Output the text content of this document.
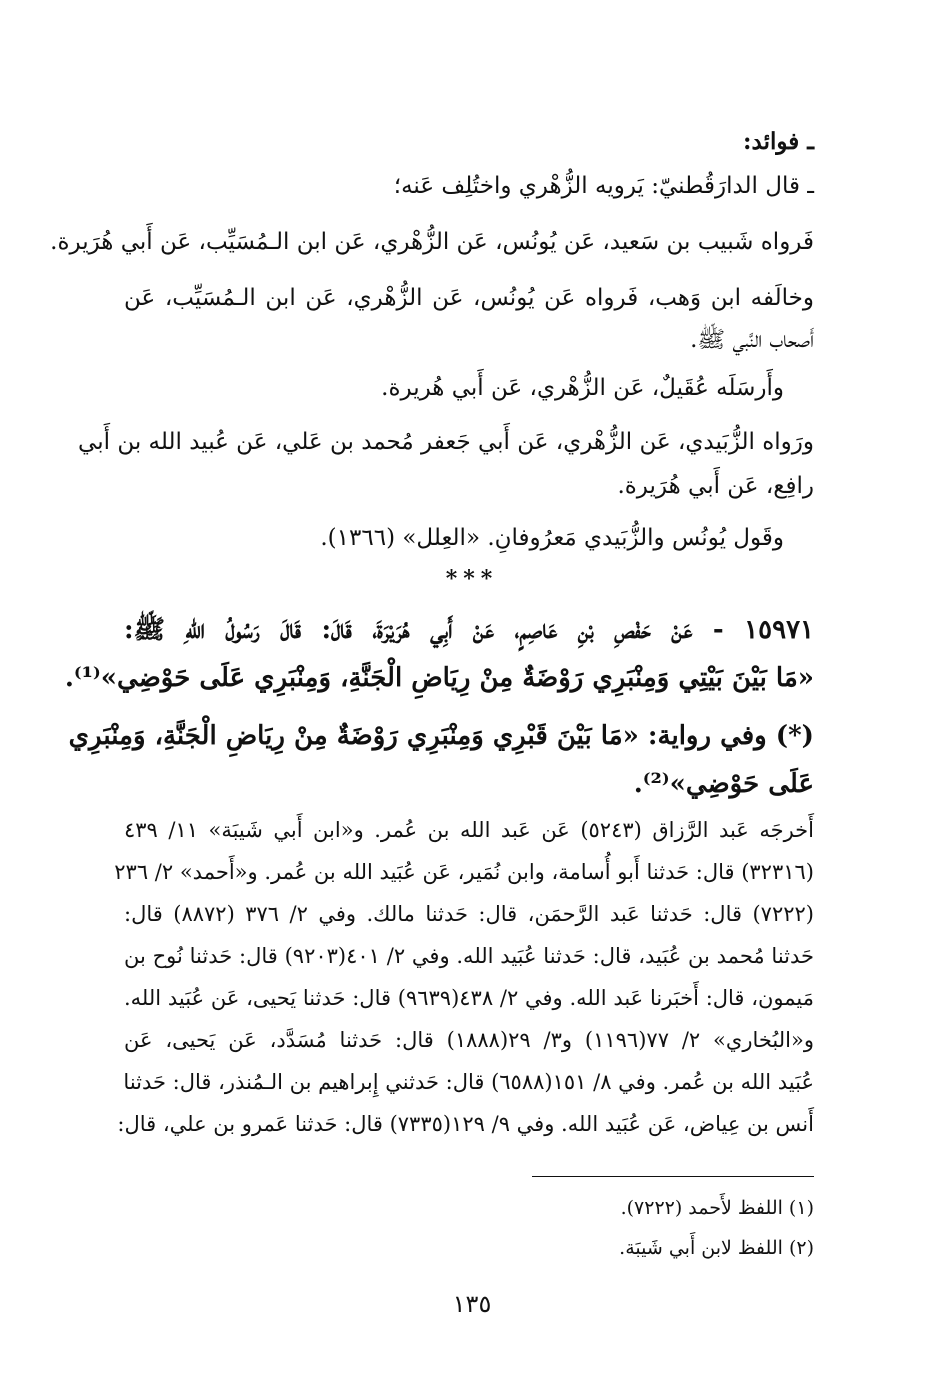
ـ فوائد:
ـ قال الدارَقُطنيّ: يَرويه الزُّهْري واختُلِف عَنه؛
فَرواه شَبيب بن سَعيد، عَن يُونُس، عَن الزُّهْري، عَن ابن الـمُسَيِّب، عَن أَبي هُرَيرة.
وخالَفه ابن وَهب، فَرواه عَن يُونُس، عَن الزُّهْري، عَن ابن الـمُسَيِّب، عَن
أَصحاب النَّبي ﷺ.
وأَرسَلَه عُقَيلٌ، عَن الزُّهْري، عَن أَبي هُريرة.
ورَواه الزُّبَيدي، عَن الزُّهْري، عَن أَبي جَعفر مُحمد بن عَلي، عَن عُبيد الله بن أَبي
رافِع، عَن أَبي هُرَيرة.
وقَول يُونُس والزُّبَيدي مَعرُوفانِ. «العِلل» (١٣٦٦).
***
١٥٩٧١ - عَنْ حَفْصِ بْنِ عَاصِمٍ، عَنْ أَبِي هُرَيْرَةَ، قَالَ: قَالَ رَسُولُ اللهِ ﷺ:
«مَا بَيْنَ بَيْتِي وَمِنْبَرِي رَوْضَةٌ مِنْ رِيَاضِ الْجَنَّةِ، وَمِنْبَرِي عَلَى حَوْضِي»⁽¹⁾.
(*) وفي رواية: «مَا بَيْنَ قَبْرِي وَمِنْبَرِي رَوْضَةٌ مِنْ رِيَاضِ الْجَنَّةِ، وَمِنْبَرِي
عَلَى حَوْضِي»⁽²⁾.
أَخرجَه عَبد الرَّزاق (٥٢٤٣) عَن عَبد الله بن عُمر. و«ابن أَبي شَيبَة» ١١/ ٤٣٩
(٣٢٣١٦) قال: حَدثنا أَبو أُسامة، وابن نُمَير، عَن عُبَيد الله بن عُمر. و«أَحمد» ٢/ ٢٣٦
(٧٢٢٢) قال: حَدثنا عَبد الرَّحمَن، قال: حَدثنا مالك. وفي ٢/ ٣٧٦ (٨٨٧٢) قال:
حَدثنا مُحمد بن عُبَيد، قال: حَدثنا عُبَيد الله. وفي ٢/ ٤٠١(٩٢٠٣) قال: حَدثنا نُوح بن
مَيمون، قال: أَخبَرنا عَبد الله. وفي ٢/ ٤٣٨(٩٦٣٩) قال: حَدثنا يَحيى، عَن عُبَيد الله.
و«البُخاري» ٢/ ٧٧(١١٩٦) و٣/ ٢٩(١٨٨٨) قال: حَدثنا مُسَدَّد، عَن يَحيى، عَن
عُبَيد الله بن عُمر. وفي ٨/ ١٥١(٦٥٨٨) قال: حَدثني إِبراهيم بن الـمُنذر، قال: حَدثنا
أَنس بن عِياض، عَن عُبَيد الله. وفي ٩/ ١٢٩(٧٣٣٥) قال: حَدثنا عَمرو بن علي، قال:
(١) اللفظ لأَحمد (٧٢٢٢).
(٢) اللفظ لابن أَبي شَيبَة.
١٣٥
